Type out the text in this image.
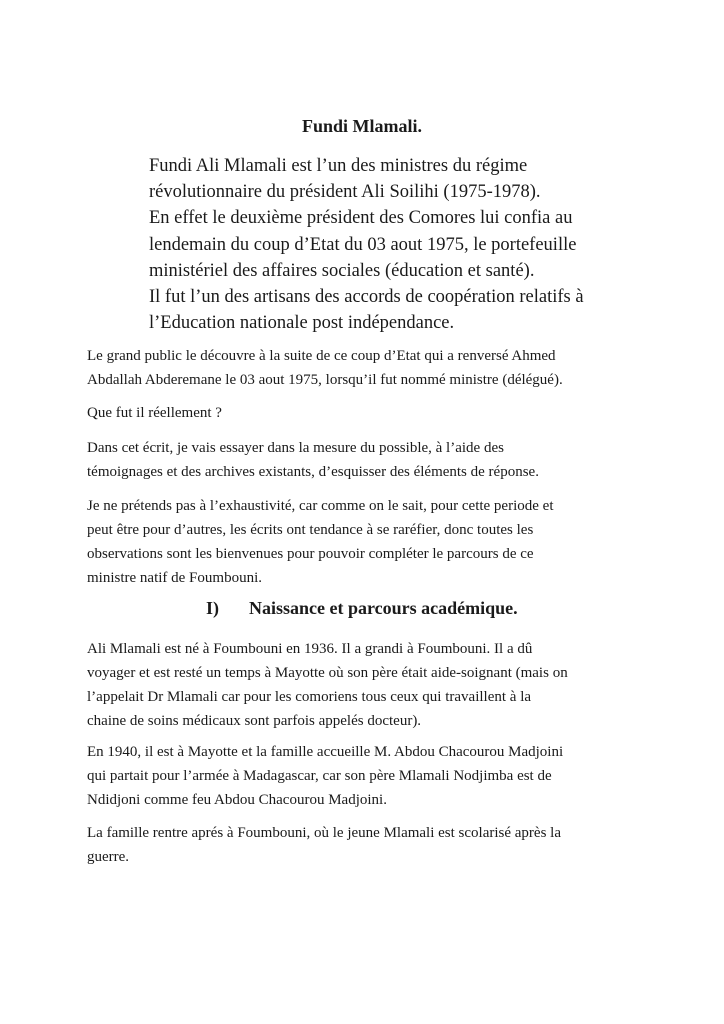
Fundi Mlamali.

Fundi Ali Mlamali est l’un des ministres du régime

révolutionnaire du président Ali Soilihi (1975-1978).

En effet le deuxième président des Comores lui confia au

lendemain du coup d’Etat du 03 aout 1975, le portefeuille

ministériel des affaires sociales (éducation et santé).

Il fut l’un des artisans des accords de coopération relatifs à

l’Education nationale post indépendance.

Le grand public le découvre à la suite de ce coup d’Etat qui a renversé Ahmed

Abdallah Abderemane le 03 aout 1975, lorsqu’il fut nommé ministre (délégué).

Que fut il réellement ?

Dans cet écrit, je vais essayer dans la mesure du possible, à l’aide des

témoignages et des archives existants, d’esquisser des éléments de réponse.

Je ne prétends pas à l’exhaustivité, car comme on le sait, pour cette periode et

peut être pour d’autres, les écrits ont tendance à se raréfier, donc toutes les

observations sont les bienvenues pour pouvoir compléter le parcours de ce

ministre natif de Foumbouni.

I) Naissance et parcours académique.

Ali Mlamali est né à Foumbouni en 1936. Il a grandi à Foumbouni. Il a dû

voyager et est resté un temps à Mayotte où son père était aide-soignant (mais on

l’appelait Dr Mlamali car pour les comoriens tous ceux qui travaillent à la

chaine de soins médicaux sont parfois appelés docteur).

En 1940, il est à Mayotte et la famille accueille M. Abdou Chacourou Madjoini

qui partait pour l’armée à Madagascar, car son père Mlamali Nodjimba est de

Ndidjoni comme feu Abdou Chacourou Madjoini.

La famille rentre aprés à Foumbouni, où le jeune Mlamali est scolarisé après la

guerre.
